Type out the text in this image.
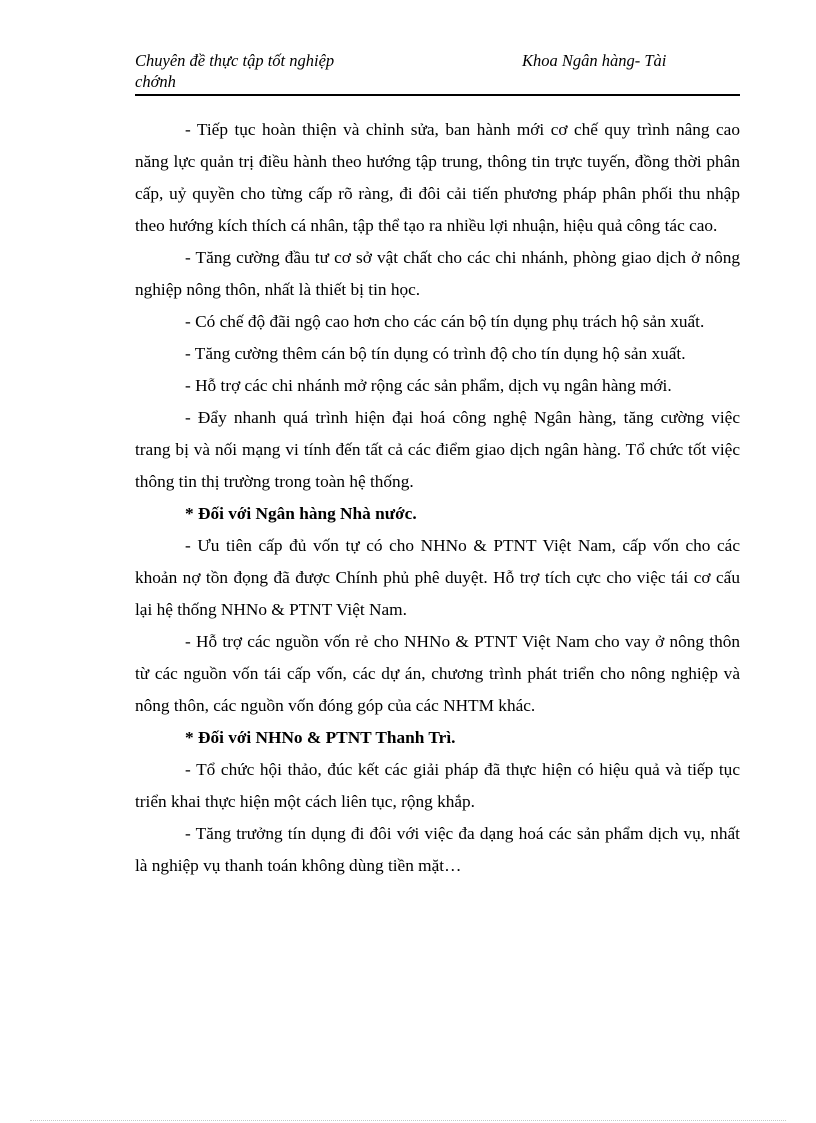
Chuyên đề thực tập tốt nghiệp	Khoa Ngân hàng- Tài
chớnh

- Tiếp tục hoàn thiện và chỉnh sửa, ban hành mới cơ chế quy trình nâng cao năng lực quản trị điều hành theo hướng tập trung, thông tin trực tuyến, đồng thời phân cấp, uỷ quyền cho từng cấp rõ ràng, đi đôi cải tiến phương pháp phân phối thu nhập theo hướng kích thích cá nhân, tập thể tạo ra nhiều lợi nhuận, hiệu quả công tác cao.

- Tăng cường đầu tư cơ sở vật chất cho các chi nhánh, phòng giao dịch ở nông nghiệp nông thôn, nhất là thiết bị tin học.

- Có chế độ đãi ngộ cao hơn cho các cán bộ tín dụng phụ trách hộ sản xuất.

- Tăng cường thêm cán bộ tín dụng có trình độ cho tín dụng hộ sản xuất.

- Hỗ trợ các chi nhánh mở rộng các sản phẩm, dịch vụ ngân hàng mới.

- Đẩy nhanh quá trình hiện đại hoá công nghệ Ngân hàng, tăng cường việc trang bị và nối mạng vi tính đến tất cả các điểm giao dịch ngân hàng. Tổ chức tốt việc thông tin thị trường trong toàn hệ thống.

* Đối với Ngân hàng Nhà nước.

- Ưu tiên cấp đủ vốn tự có cho NHNo & PTNT Việt Nam, cấp vốn cho các khoản nợ tồn đọng đã được Chính phủ phê duyệt. Hỗ trợ tích cực cho việc tái cơ cấu lại hệ thống NHNo & PTNT Việt Nam.

- Hỗ trợ các nguồn vốn rẻ cho NHNo & PTNT Việt Nam cho vay ở nông thôn từ các nguồn vốn tái cấp vốn, các dự án, chương trình phát triển cho nông nghiệp và nông thôn, các nguồn vốn đóng góp của các NHTM khác.

* Đối với NHNo & PTNT Thanh Trì.

- Tổ chức hội thảo, đúc kết các giải pháp đã thực hiện có hiệu quả và tiếp tục triển khai thực hiện một cách liên tục, rộng khắp.

- Tăng trưởng tín dụng đi đôi với việc đa dạng hoá các sản phẩm dịch vụ, nhất là nghiệp vụ thanh toán không dùng tiền mặt…
